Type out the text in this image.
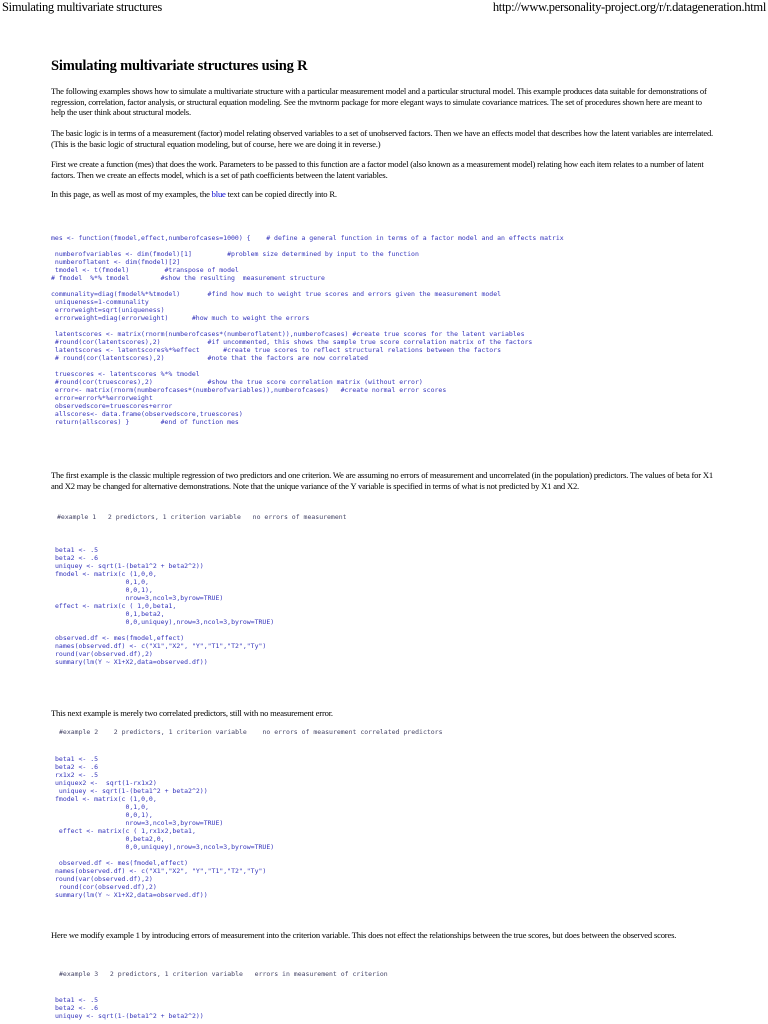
Simulating multivariate structures	http://www.personality-project.org/r/r.datageneration.html
Simulating multivariate structures using R

The following examples shows how to simulate a multivariate structure with a particular measurement model and a particular structural model. This example produces data suitable for demonstrations of regression, correlation, factor analysis, or structural equation modeling. See the mvtnorm package for more elegant ways to simulate covariance matrices. The set of procedures shown here are meant to help the user think about structural models.

The basic logic is in terms of a measurement (factor) model relating observed variables to a set of unobserved factors. Then we have an effects model that describes how the latent variables are interrelated. (This is the basic logic of structural equation modeling, but of course, here we are doing it in reverse.)

First we create a function (mes) that does the work. Parameters to be passed to this function are a factor model (also known as a measurement model) relating how each item relates to a number of latent factors. Then we create an effects model, which is a set of path coefficients between the latent variables.

In this page, as well as most of my examples, the blue text can be copied directly into R.

mes <- function(fmodel,effect,numberofcases=1000) {    # define a general function in terms of a factor model and an effects matrix

numberofvariables <- dim(fmodel)[1]         #problem size determined by input to the function
numberoflatent <- dim(fmodel)[2]
tmodel <- t(fmodel)         #transpose of model
# fmodel  %*% tmodel        #show the resulting  measurement structure

communality=diag(fmodel%*%tmodel)       #find how much to weight true scores and errors given the measurement model
uniqueness=1-communality
errorweight=sqrt(uniqueness)
errorweight=diag(errorweight)      #how much to weight the errors

latentscores <- matrix(rnorm(numberofcases*(numberoflatent)),numberofcases) #create true scores for the latent variables
#round(cor(latentscores),2)            #if uncommented, this shows the sample true score correlation matrix of the factors
latentscores <- latentscores%*%effect      #create true scores to reflect structural relations between the factors
# round(cor(latentscores),2)           #note that the factors are now correlated

truescores <- latentscores %*% tmodel
#round(cor(truescores),2)              #show the true score correlation matrix (without error)
error<- matrix(rnorm(numberofcases*(numberofvariables)),numberofcases)   #create normal error scores
error=error%*%errorweight
observedscore=truescores+error
allscores<- data.frame(observedscore,truescores)
return(allscores) }        #end of function mes

The first example is the classic multiple regression of two predictors and one criterion. We are assuming no errors of measurement and uncorrelated (in the population) predictors. The values of beta for X1 and X2 may be changed for alternative demonstrations. Note that the unique variance of the Y variable is specified in terms of what is not predicted by X1 and X2.

#example 1   2 predictors, 1 criterion variable   no errors of measurement
beta1 <- .5
beta2 <- .6
uniquey <- sqrt(1-(beta1^2 + beta2^2))
fmodel <- matrix(c (1,0,0,
0,1,0,
0,0,1),
nrow=3,ncol=3,byrow=TRUE)
effect <- matrix(c ( 1,0,beta1,
0,1,beta2,
0,0,uniquey),nrow=3,ncol=3,byrow=TRUE)

observed.df <- mes(fmodel,effect)
names(observed.df) <- c("X1","X2", "Y","T1","T2","Ty")
round(var(observed.df),2)
summary(lm(Y ~ X1+X2,data=observed.df))

This next example is merely two correlated predictors, still with no measurement error.

#example 2    2 predictors, 1 criterion variable    no errors of measurement correlated predictors
beta1 <- .5
beta2 <- .6
rx1x2 <- .5
uniquex2 <-  sqrt(1-rx1x2)
uniquey <- sqrt(1-(beta1^2 + beta2^2))
fmodel <- matrix(c (1,0,0,
0,1,0,
0,0,1),
nrow=3,ncol=3,byrow=TRUE)
effect <- matrix(c ( 1,rx1x2,beta1,
0,beta2,0,
0,0,uniquey),nrow=3,ncol=3,byrow=TRUE)

observed.df <- mes(fmodel,effect)
names(observed.df) <- c("X1","X2", "Y","T1","T2","Ty")
round(var(observed.df),2)
round(cor(observed.df),2)
summary(lm(Y ~ X1+X2,data=observed.df))

Here we modify example 1 by introducing errors of measurement into the criterion variable. This does not effect the relationships between the true scores, but does between the observed scores.

#example 3   2 predictors, 1 criterion variable   errors in measurement of criterion
beta1 <- .5
beta2 <- .6
uniquey <- sqrt(1-(beta1^2 + beta2^2))
